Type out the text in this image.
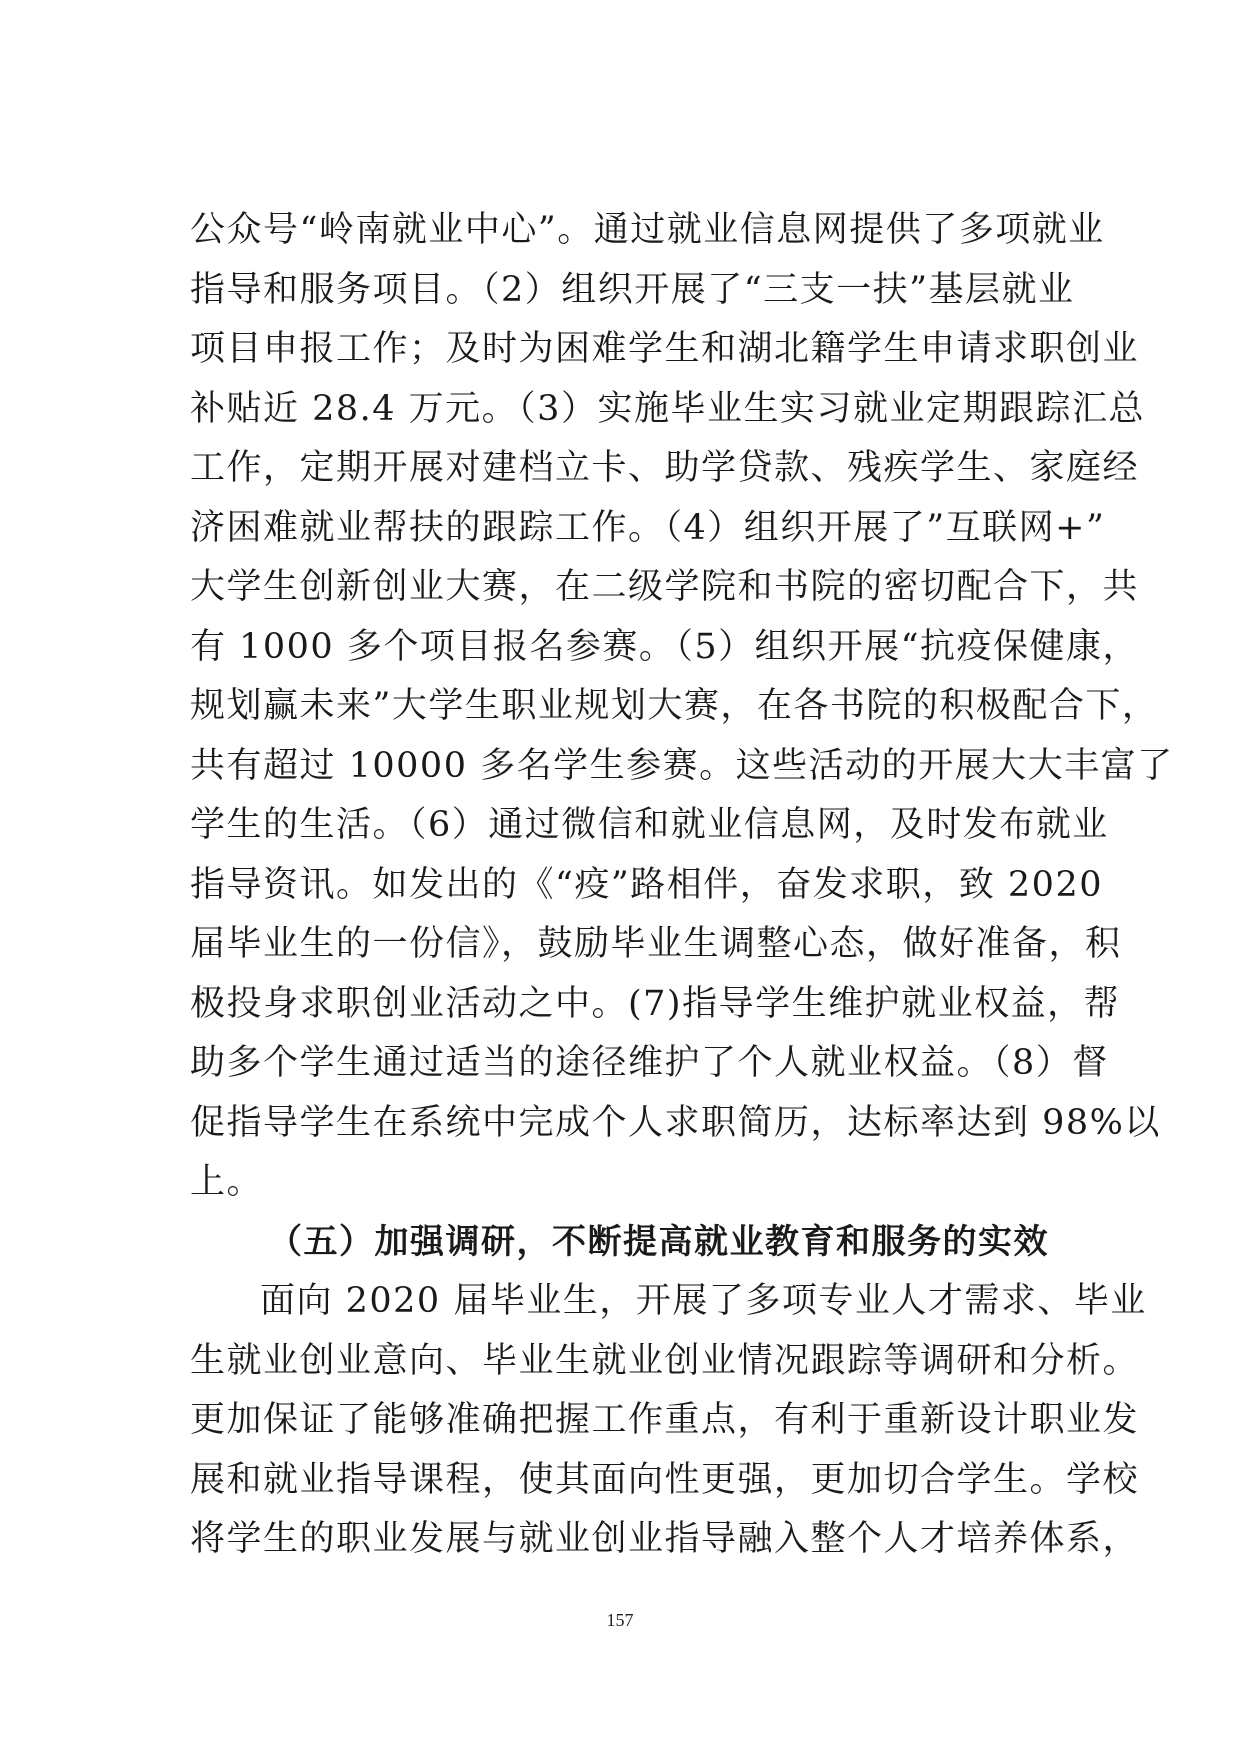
公众号“岭南就业中心”。通过就业信息网提供了多项就业
指导和服务项目。（2）组织开展了“三支一扶”基层就业
项目申报工作；及时为困难学生和湖北籍学生申请求职创业
补贴近 28.4 万元。（3）实施毕业生实习就业定期跟踪汇总
工作，定期开展对建档立卡、助学贷款、残疾学生、家庭经
济困难就业帮扶的跟踪工作。（4）组织开展了”互联网+”
大学生创新创业大赛，在二级学院和书院的密切配合下，共
有 1000 多个项目报名参赛。（5）组织开展“抗疫保健康，
规划赢未来”大学生职业规划大赛，在各书院的积极配合下，
共有超过 10000 多名学生参赛。这些活动的开展大大丰富了
学生的生活。（6）通过微信和就业信息网，及时发布就业
指导资讯。如发出的《“疫”路相伴，奋发求职，致 2020
届毕业生的一份信》，鼓励毕业生调整心态，做好准备，积
极投身求职创业活动之中。(7)指导学生维护就业权益，帮
助多个学生通过适当的途径维护了个人就业权益。（8）督
促指导学生在系统中完成个人求职简历，达标率达到 98%以
上。
（五）加强调研，不断提高就业教育和服务的实效
面向 2020 届毕业生，开展了多项专业人才需求、毕业
生就业创业意向、毕业生就业创业情况跟踪等调研和分析。
更加保证了能够准确把握工作重点，有利于重新设计职业发
展和就业指导课程，使其面向性更强，更加切合学生。学校
将学生的职业发展与就业创业指导融入整个人才培养体系，
157
